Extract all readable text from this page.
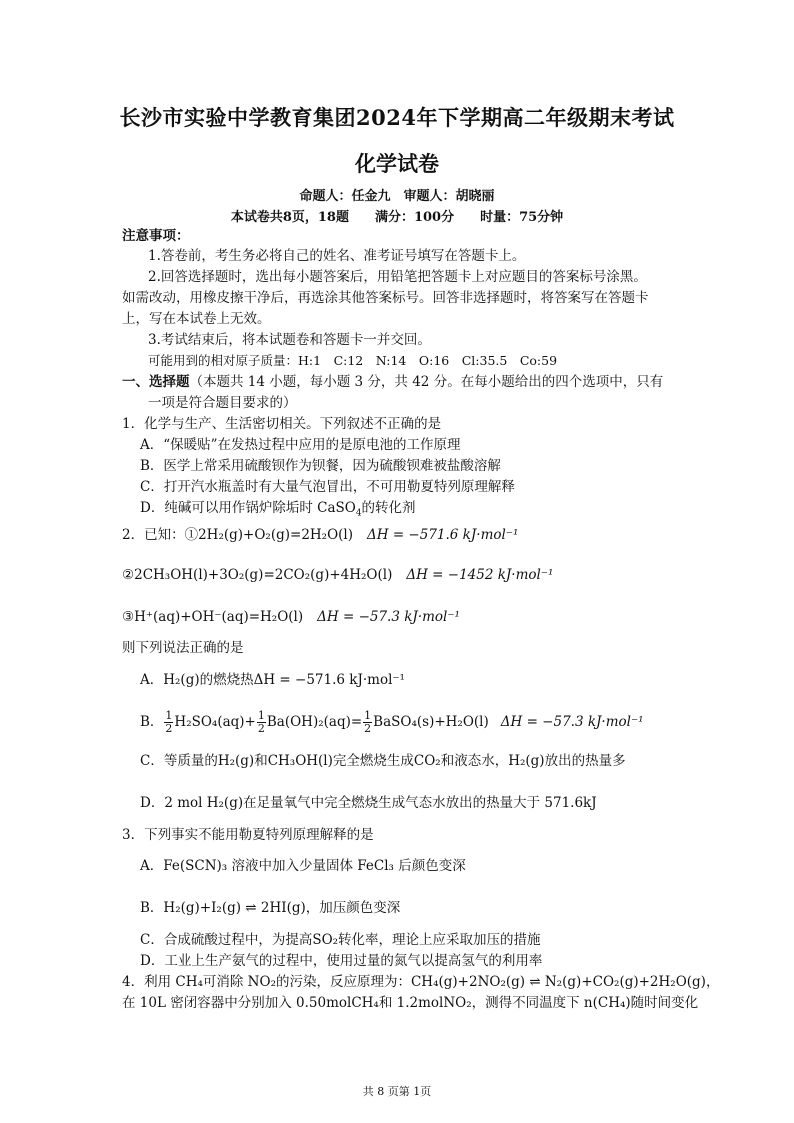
长沙市实验中学教育集团2024年下学期高二年级期末考试
化学试卷
命题人：任金九　审题人：胡晓丽
本试卷共8页，18题　　满分：100分　　时量：75分钟
注意事项：
1.答卷前，考生务必将自己的姓名、准考证号填写在答题卡上。
2.回答选择题时，选出每小题答案后，用铅笔把答题卡上对应题目的答案标号涂黑。
如需改动，用橡皮擦干净后，再选涂其他答案标号。回答非选择题时，将答案写在答题卡
上，写在本试卷上无效。
3.考试结束后，将本试题卷和答题卡一并交回。
可能用到的相对原子质量：H:1　C:12　N:14　O:16　Cl:35.5　Co:59
一、选择题（本题共 14 小题，每小题 3 分，共 42 分。在每小题给出的四个选项中，只有
一项是符合题目要求的）
1．化学与生产、生活密切相关。下列叙述不正确的是
A．“保暖贴”在发热过程中应用的是原电池的工作原理
B．医学上常采用硫酸钡作为钡餐，因为硫酸钡难被盐酸溶解
C．打开汽水瓶盖时有大量气泡冒出，不可用勒夏特列原理解释
D．纯碱可以用作锅炉除垢时 CaSO$_4$的转化剂
2．已知：①2H₂(g)+O₂(g)=2H₂O(l) ΔH = −571.6 kJ·mol⁻¹
②2CH₃OH(l)+3O₂(g)=2CO₂(g)+4H₂O(l) ΔH = −1452 kJ·mol⁻¹
③H⁺(aq)+OH⁻(aq)=H₂O(l) ΔH = −57.3 kJ·mol⁻¹
则下列说法正确的是
A．H₂(g)的燃烧热ΔH = −571.6 kJ·mol⁻¹
B． $\frac{1}{2} H_2SO_4(aq)+ \frac{1}{2} Ba(OH)_2(aq)= \frac{1}{2}$ BaSO₄(s)+H₂O(l) ΔH = −57.3 kJ·mol⁻¹
C．等质量的H₂(g)和CH₃OH(l)完全燃烧生成CO₂和液态水，H₂(g)放出的热量多
D．2 mol H₂(g)在足量氧气中完全燃烧生成气态水放出的热量大于 571.6kJ
3．下列事实不能用勒夏特列原理解释的是
A．Fe(SCN)₃ 溶液中加入少量固体 FeCl₃ 后颜色变深
B．H₂(g)+I₂(g) ⇌ 2HI(g)，加压颜色变深
C．合成硫酸过程中，为提高SO₂转化率，理论上应采取加压的措施
D．工业上生产氨气的过程中，使用过量的氮气以提高氢气的利用率
4．利用 CH₄可消除 NO₂的污染，反应原理为：CH₄(g)+2NO₂(g) ⇌ N₂(g)+CO₂(g)+2H₂O(g)，
在 10L 密闭容器中分别加入 0.50molCH₄和 1.2molNO₂，测得不同温度下 n(CH₄)随时间变化
共 8 页第 1页
